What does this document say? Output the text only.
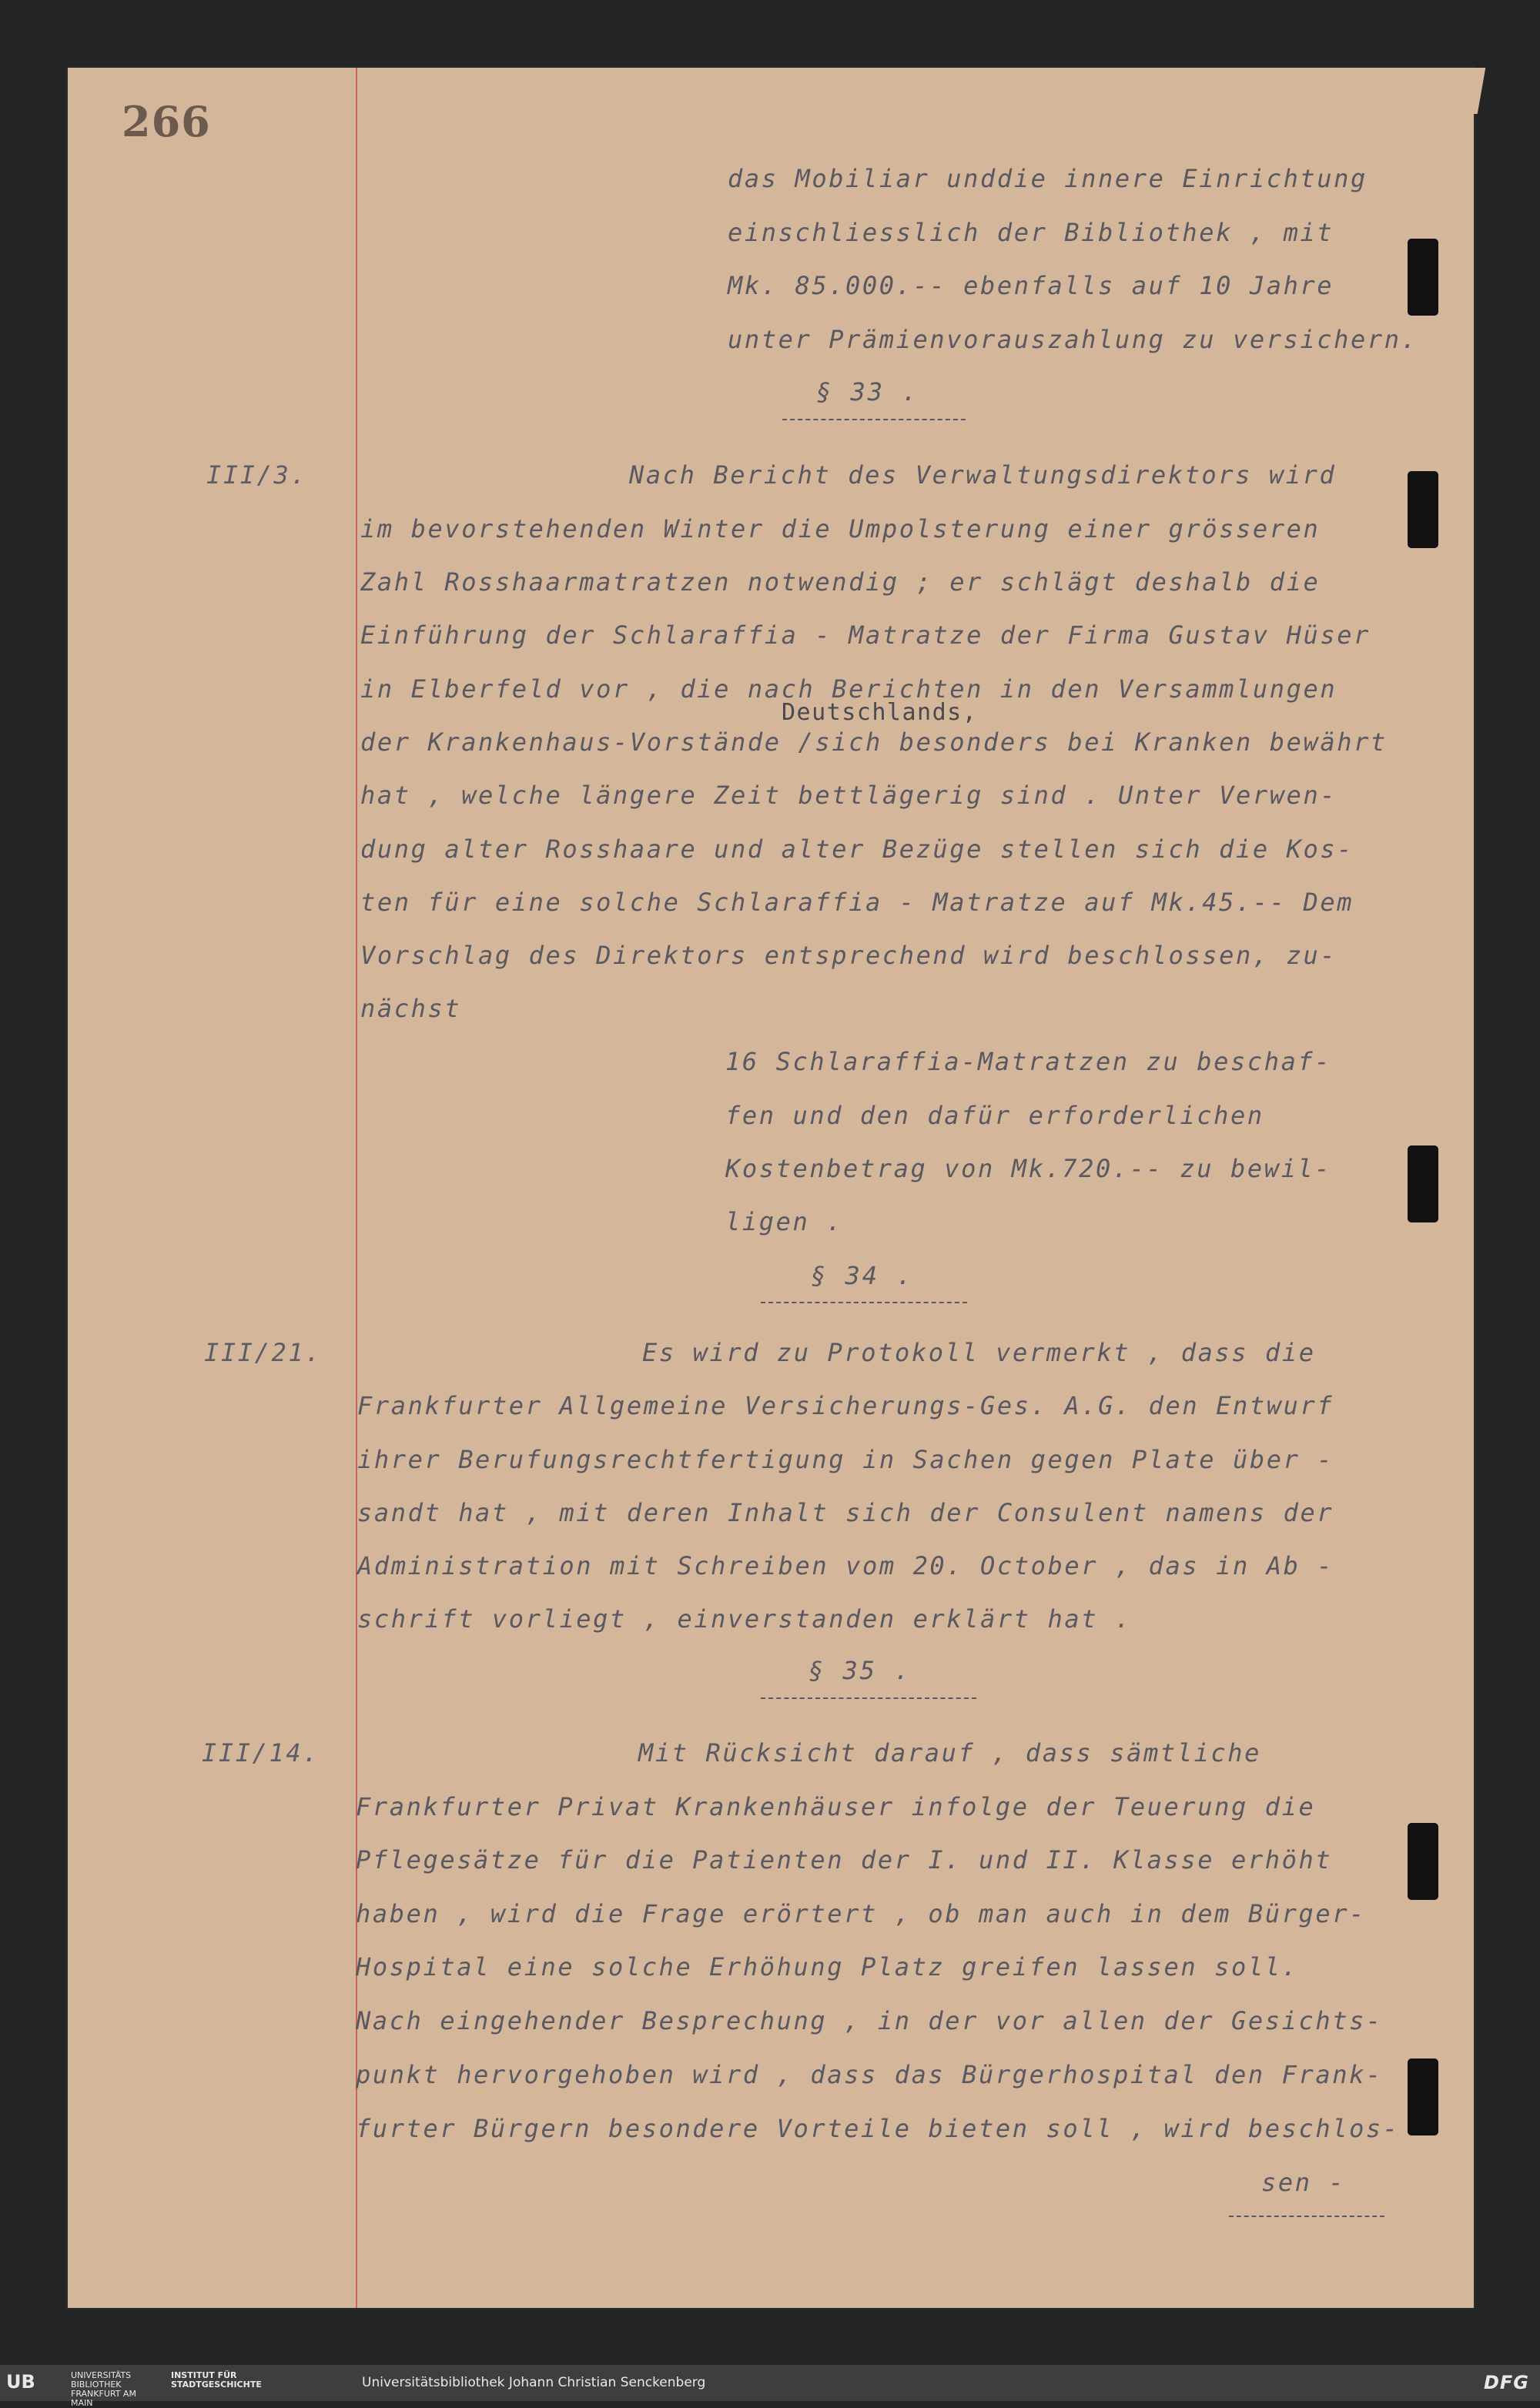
266
das Mobiliar unddie innere Einrichtung
einschliesslich der Bibliothek , mit
Mk. 85.000.-- ebenfalls auf 10 Jahre
unter Prämienvorauszahlung zu versichern.
§ 33 .
III/3.	Nach Bericht des Verwaltungsdirektors wird
im bevorstehenden Winter die Umpolsterung einer grösseren
Zahl Rosshaarmatratzen notwendig ; er schlägt deshalb die
Einführung der Schlaraffia - Matratze der Firma Gustav Hüser
in Elberfeld vor , die nach Berichten in den Versammlungen
Deutschlands,
der Krankenhaus-Vorstände /sich besonders bei Kranken bewährt
hat , welche längere Zeit bettlägerig sind . Unter Verwen-
dung alter Rosshaare und alter Bezüge stellen sich die Kos-
ten für eine solche Schlaraffia - Matratze auf Mk.45.-- Dem
Vorschlag des Direktors entsprechend wird beschlossen, zu-
nächst
16 Schlaraffia-Matratzen zu beschaf-
fen und den dafür erforderlichen
Kostenbetrag von Mk.720.-- zu bewil-
ligen .
§ 34 .
III/21.	Es wird zu Protokoll vermerkt , dass die
Frankfurter Allgemeine Versicherungs-Ges. A.G. den Entwurf
ihrer Berufungsrechtfertigung in Sachen gegen Plate über -
sandt hat , mit deren Inhalt sich der Consulent namens der
Administration mit Schreiben vom 20. October , das in Ab -
schrift vorliegt , einverstanden erklärt hat .
§ 35 .
III/14.	Mit Rücksicht darauf , dass sämtliche
Frankfurter Privat Krankenhäuser infolge der Teuerung die
Pflegesätze für die Patienten der I. und II. Klasse erhöht
haben , wird die Frage erörtert , ob man auch in dem Bürger-
Hospital eine solche Erhöhung Platz greifen lassen soll.
Nach eingehender Besprechung , in der vor allen der Gesichts-
punkt hervorgehoben wird , dass das Bürgerhospital den Frank-
furter Bürgern besondere Vorteile bieten soll , wird beschlos-
sen -
UB	UNIVERSITÄTS BIBLIOTHEK FRANKFURT AM MAIN
INSTITUT FÜR STADTGESCHICHTE	Universitätsbibliothek Johann Christian Senckenberg	DFG
